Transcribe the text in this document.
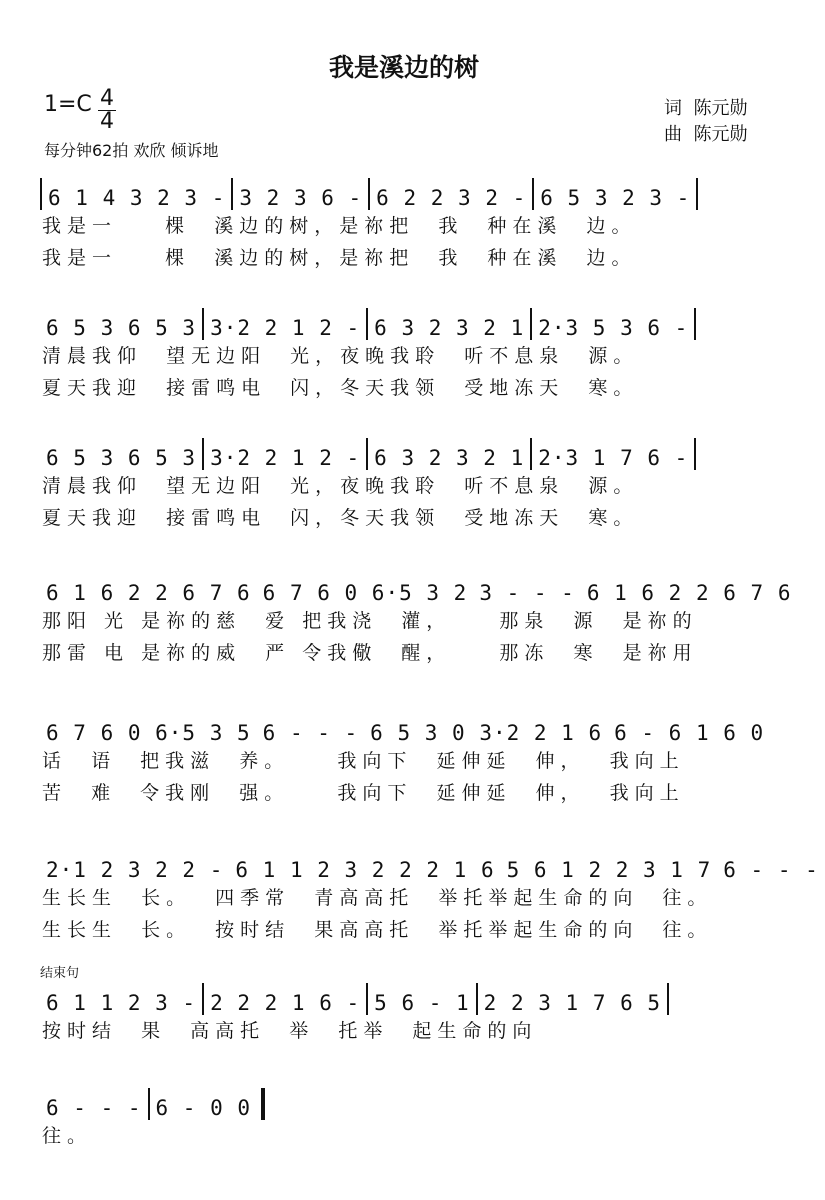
我是溪边的树
1=C 4
4
每分钟62拍 欢欣 倾诉地
词  陈元勋
曲  陈元勋
6 1 4 3 2 3 - 3 2 3 6 - 6 2 2 3 2 - 6 5 3 2 3 -
我是一    棵  溪边的树，是祢把  我  种在溪  边。
我是一    棵  溪边的树，是祢把  我  种在溪  边。
6 5 3 6 5 3 3·2 2 1 2 - 6 3 2 3 2 1 2·3 5 3 6 -
清晨我仰  望无边阳  光，夜晚我聆  听不息泉  源。
夏天我迎  接雷鸣电  闪，冬天我领  受地冻天  寒。
6 5 3 6 5 3 3·2 2 1 2 - 6 3 2 3 2 1 2·3 1 7 6 -
清晨我仰  望无边阳  光，夜晚我聆  听不息泉  源。
夏天我迎  接雷鸣电  闪，冬天我领  受地冻天  寒。
6 1 6 2 2 6 7 6 6 7 6 0 6·5 3 2 3 - - - 6 1 6 2 2 6 7 6
那阳 光 是祢的慈  爱 把我浇  灌，    那泉  源  是祢的
那雷 电 是祢的威  严 令我儆  醒，    那冻  寒  是祢用
6 7 6 0 6·5 3 5 6 - - - 6 5 3 0 3·2 2 1 6 6 - 6 1 6 0
话  语  把我滋  养。    我向下  延伸延  伸，  我向上
苦  难  令我刚  强。    我向下  延伸延  伸，  我向上
2·1 2 3 2 2 - 6 1 1 2 3 2 2 2 1 6 5 6 1 2 2 3 1 7 6 - - -
生长生  长。  四季常  青高高托  举托举起生命的向  往。
生长生  长。  按时结  果高高托  举托举起生命的向  往。
结束句
6 1 1 2 3 - 2 2 2 1 6 - 5 6 - 1 2 2 3 1 7 6 5
按时结  果  高高托  举  托举  起生命的向
6 - - - 6 - 0 0
往。
